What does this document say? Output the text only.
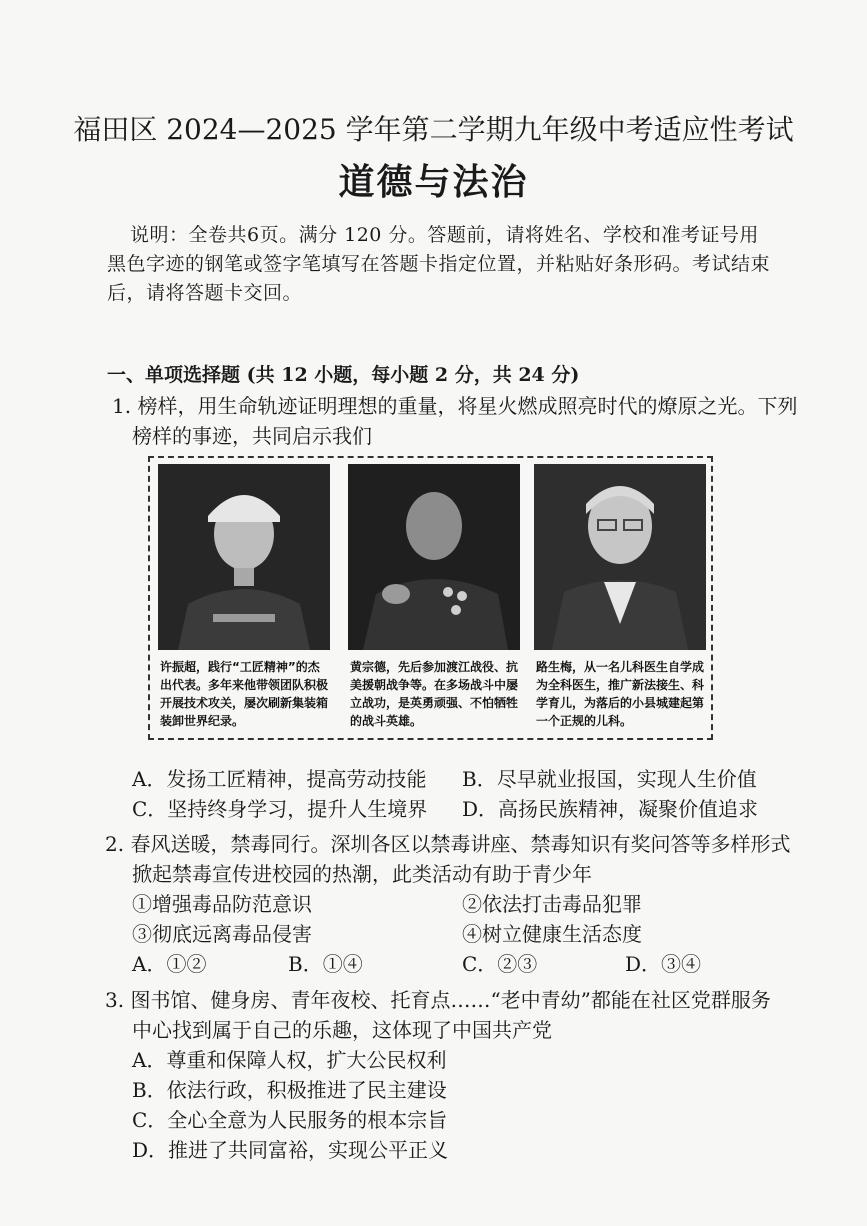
福田区 2024—2025 学年第二学期九年级中考适应性考试
道德与法治
说明：全卷共6页。满分 120 分。答题前，请将姓名、学校和准考证号用
黑色字迹的钢笔或签字笔填写在答题卡指定位置，并粘贴好条形码。考试结束
后，请将答题卡交回。
一、单项选择题 (共 12 小题，每小题 2 分，共 24 分)
1. 榜样，用生命轨迹证明理想的重量，将星火燃成照亮时代的燎原之光。下列
榜样的事迹，共同启示我们
许振超，践行“工匠精神”的杰出代表。多年来他带领团队积极开展技术攻关，屡次刷新集装箱装卸世界纪录。
黄宗德，先后参加渡江战役、抗美援朝战争等。在多场战斗中屡立战功，是英勇顽强、不怕牺牲的战斗英雄。
路生梅，从一名儿科医生自学成为全科医生，推广新法接生、科学育儿，为落后的小县城建起第一个正规的儿科。
A．发扬工匠精神，提高劳动技能 B．尽早就业报国，实现人生价值
C．坚持终身学习，提升人生境界 D．高扬民族精神，凝聚价值追求
2. 春风送暖，禁毒同行。深圳各区以禁毒讲座、禁毒知识有奖问答等多样形式
掀起禁毒宣传进校园的热潮，此类活动有助于青少年
①增强毒品防范意识	②依法打击毒品犯罪
③彻底远离毒品侵害	④树立健康生活态度
A．①②	B．①④	C．②③	D．③④
3. 图书馆、健身房、青年夜校、托育点……“老中青幼”都能在社区党群服务
中心找到属于自己的乐趣，这体现了中国共产党
A．尊重和保障人权，扩大公民权利
B．依法行政，积极推进了民主建设
C．全心全意为人民服务的根本宗旨
D．推进了共同富裕，实现公平正义
